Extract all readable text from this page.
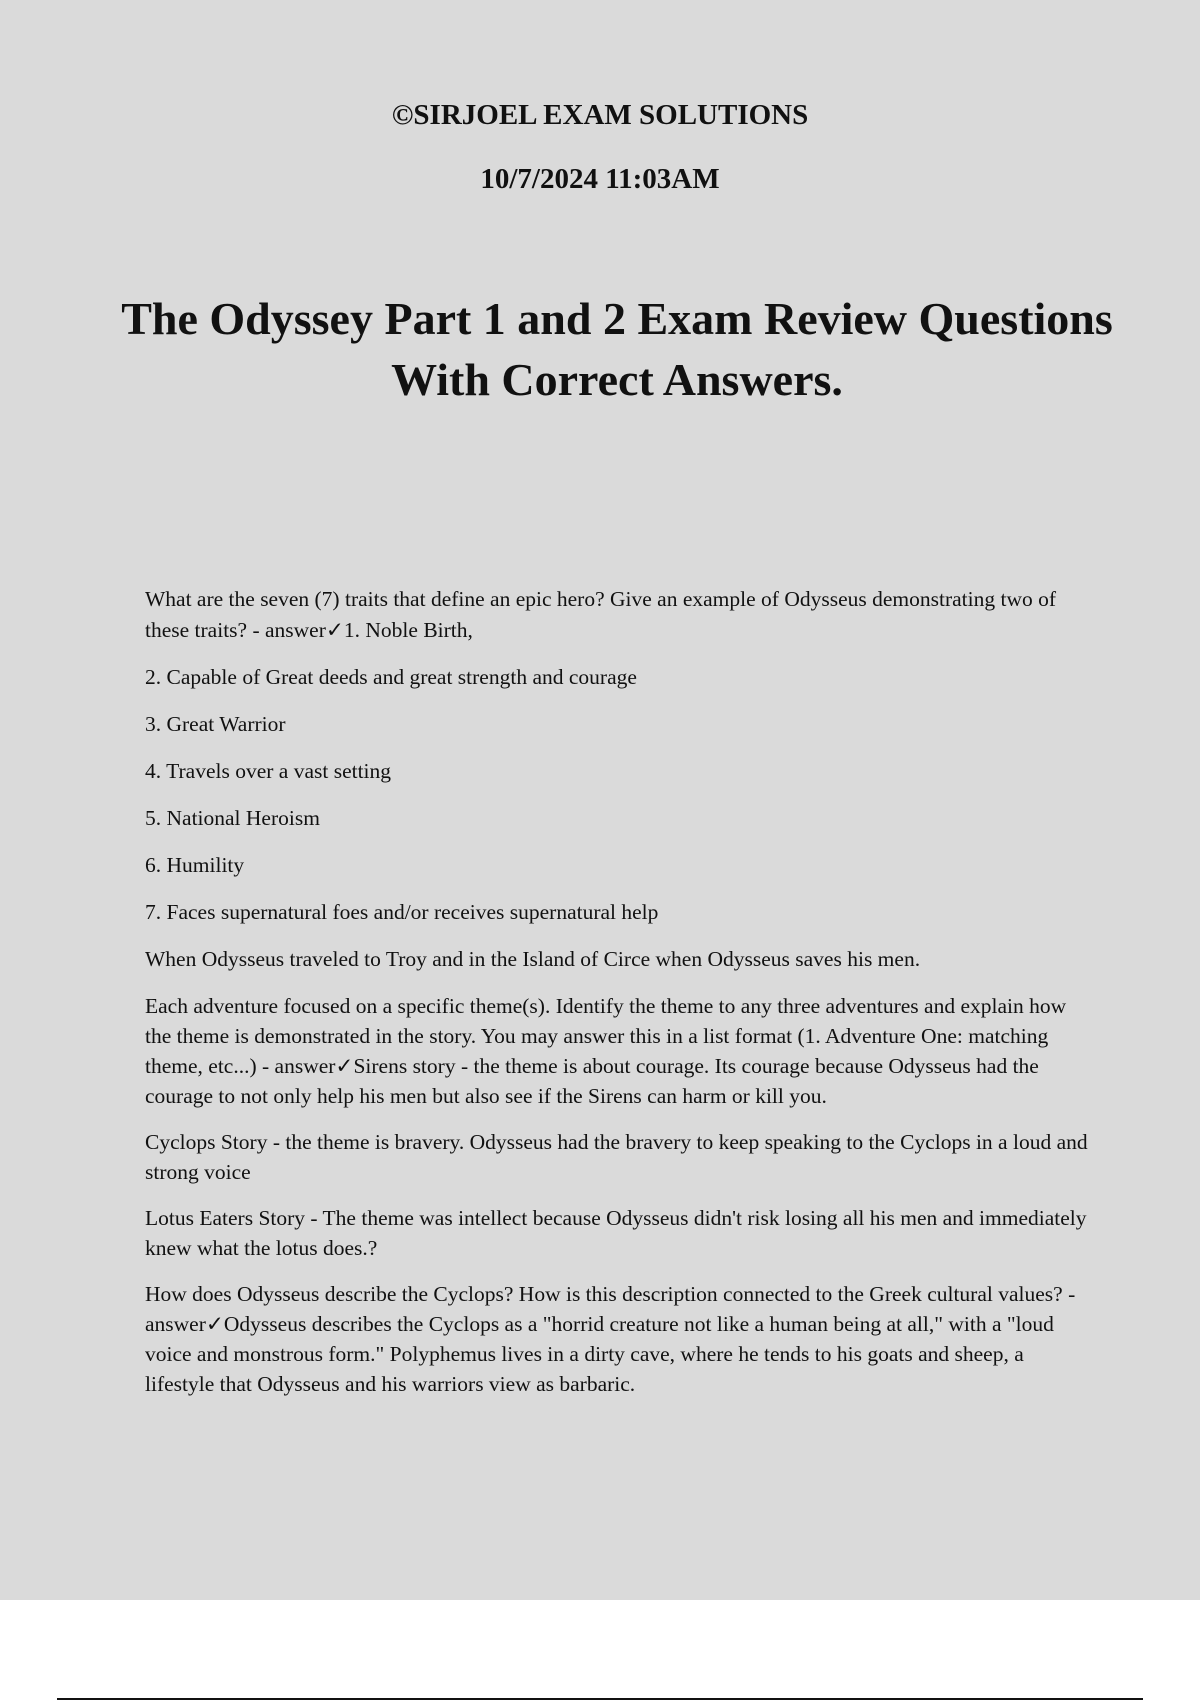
©SIRJOEL EXAM SOLUTIONS
10/7/2024 11:03AM
The Odyssey Part 1 and 2 Exam Review Questions With Correct Answers.

What are the seven (7) traits that define an epic hero? Give an example of Odysseus demonstrating two of these traits? - answer✓1. Noble Birth,

2. Capable of Great deeds and great strength and courage

3. Great Warrior

4. Travels over a vast setting

5. National Heroism

6. Humility

7. Faces supernatural foes and/or receives supernatural help

When Odysseus traveled to Troy and in the Island of Circe when Odysseus saves his men.

Each adventure focused on a specific theme(s). Identify the theme to any three adventures and explain how the theme is demonstrated in the story. You may answer this in a list format (1. Adventure One: matching theme, etc...) - answer✓Sirens story - the theme is about courage. Its courage because Odysseus had the courage to not only help his men but also see if the Sirens can harm or kill you.

Cyclops Story - the theme is bravery. Odysseus had the bravery to keep speaking to the Cyclops in a loud and strong voice

Lotus Eaters Story - The theme was intellect because Odysseus didn't risk losing all his men and immediately knew what the lotus does.?

How does Odysseus describe the Cyclops? How is this description connected to the Greek cultural values? - answer✓Odysseus describes the Cyclops as a "horrid creature not like a human being at all," with a "loud voice and monstrous form." Polyphemus lives in a dirty cave, where he tends to his goats and sheep, a lifestyle that Odysseus and his warriors view as barbaric.
